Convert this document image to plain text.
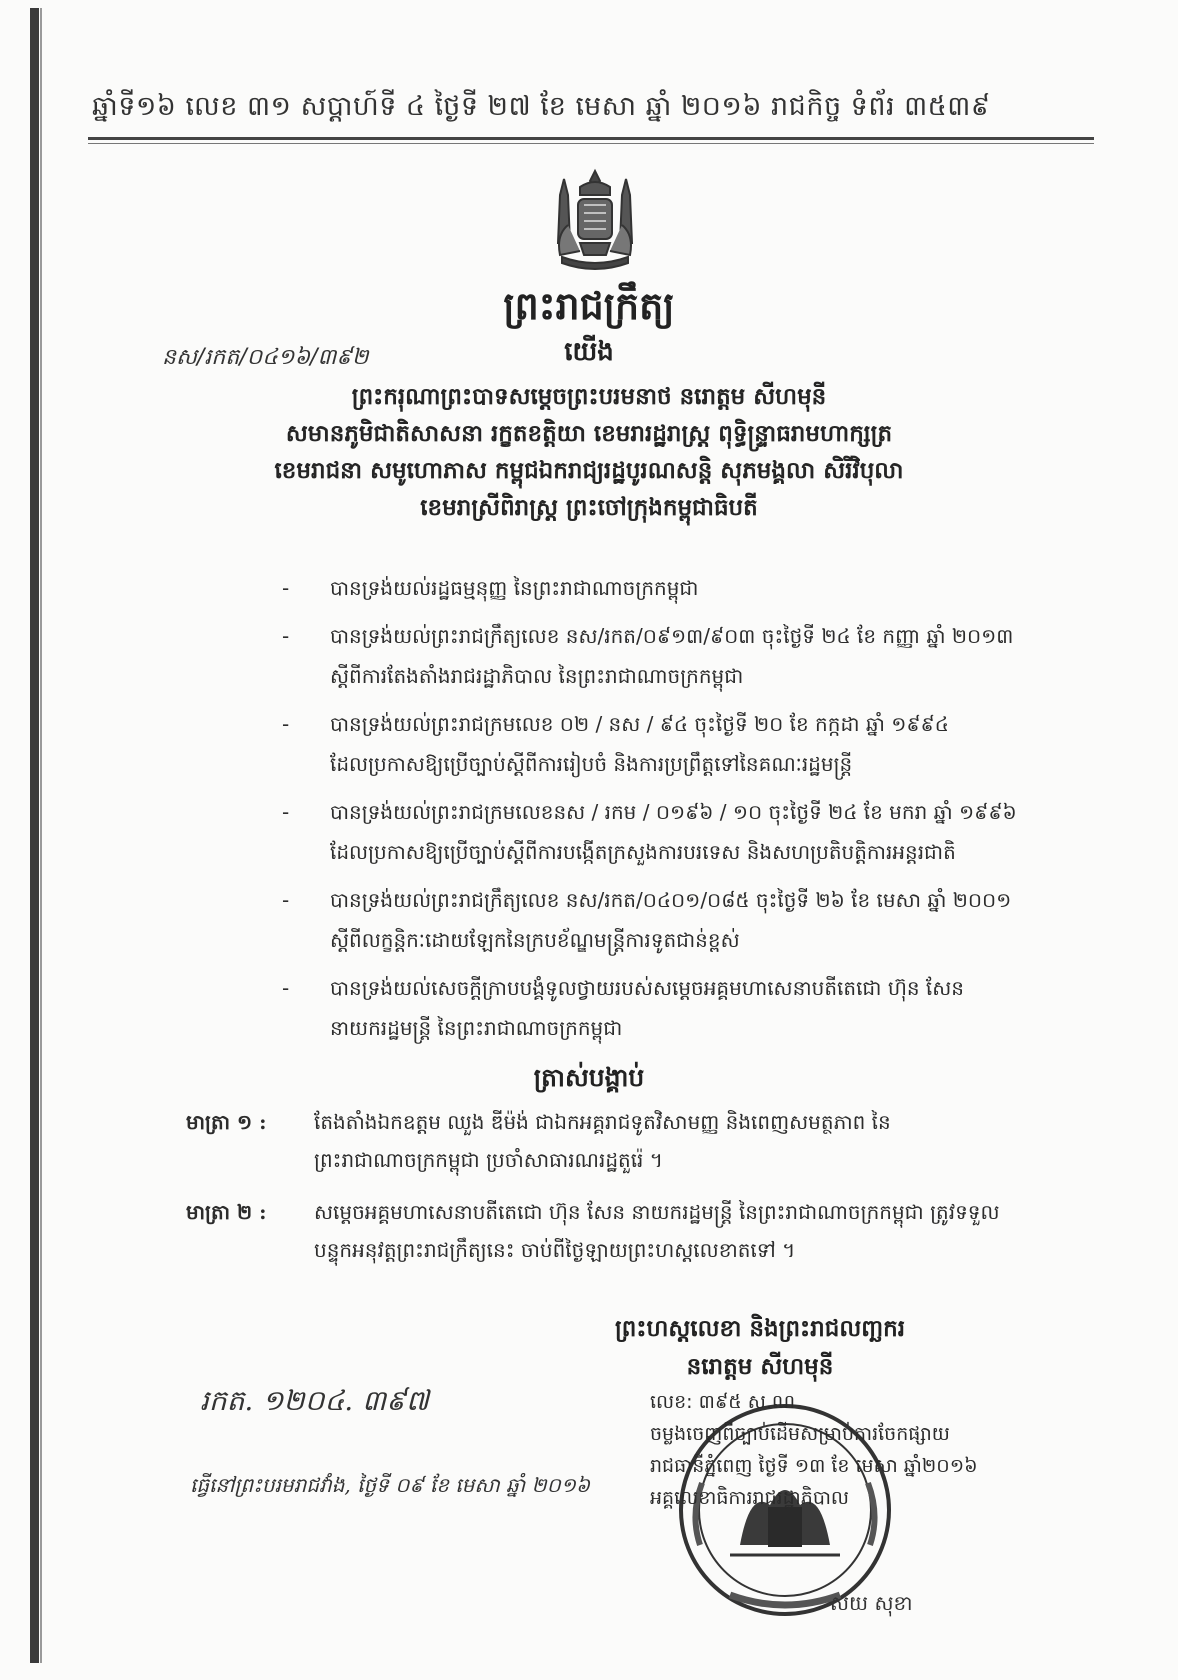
ឆ្នាំទី១៦ លេខ ៣១ សប្តាហ៍ទី ៤ ថ្ងៃទី ២៧ ខែ មេសា ឆ្នាំ ២០១៦ រាជកិច្ច ទំព័រ ៣៥៣៩
ព្រះរាជក្រឹត្យ
នស/រកត/០៤១៦/៣៩២	យើង
ព្រះករុណាព្រះបាទសម្តេចព្រះបរមនាថ នរោត្តម សីហមុនី
សមានភូមិជាតិសាសនា រក្ខតខត្តិយា ខេមរារដ្ឋរាស្ត្រ ពុទ្ធិន្ទ្រាធរាមហាក្សត្រ
ខេមរាជនា សមូហោភាស កម្ពុជឯករាជ្យរដ្ឋបូរណសន្តិ សុភមង្គលា សិរីវិបុលា
ខេមរាស្រីពិរាស្ត្រ ព្រះចៅក្រុងកម្ពុជាធិបតី
- បានទ្រង់យល់រដ្ឋធម្មនុញ្ញ នៃព្រះរាជាណាចក្រកម្ពុជា
- បានទ្រង់យល់ព្រះរាជក្រឹត្យលេខ នស/រកត/០៩១៣/៩០៣ ចុះថ្ងៃទី ២៤ ខែ កញ្ញា ឆ្នាំ ២០១៣
ស្តីពីការតែងតាំងរាជរដ្ឋាភិបាល នៃព្រះរាជាណាចក្រកម្ពុជា
- បានទ្រង់យល់ព្រះរាជក្រមលេខ ០២ / នស / ៩៤ ចុះថ្ងៃទី ២០ ខែ កក្កដា ឆ្នាំ ១៩៩៤
ដែលប្រកាសឱ្យប្រើច្បាប់ស្តីពីការរៀបចំ និងការប្រព្រឹត្តទៅនៃគណៈរដ្ឋមន្ត្រី
- បានទ្រង់យល់ព្រះរាជក្រមលេខនស / រកម / ០១៩៦ / ១០ ចុះថ្ងៃទី ២៤ ខែ មករា ឆ្នាំ ១៩៩៦
ដែលប្រកាសឱ្យប្រើច្បាប់ស្តីពីការបង្កើតក្រសួងការបរទេស និងសហប្រតិបត្តិការអន្តរជាតិ
- បានទ្រង់យល់ព្រះរាជក្រឹត្យលេខ នស/រកត/០៤០១/០៨៥ ចុះថ្ងៃទី ២៦ ខែ មេសា ឆ្នាំ ២០០១
ស្តីពីលក្ខន្តិកៈដោយឡែកនៃក្របខ័ណ្ឌមន្ត្រីការទូតជាន់ខ្ពស់
- បានទ្រង់យល់សេចក្តីក្រាបបង្គំទូលថ្វាយរបស់សម្តេចអគ្គមហាសេនាបតីតេជោ ហ៊ុន សែន
នាយករដ្ឋមន្ត្រី នៃព្រះរាជាណាចក្រកម្ពុជា
ត្រាស់បង្គាប់
មាត្រា ១ : តែងតាំងឯកឧត្តម ឈួង ឌីម៉ង់ ជាឯកអគ្គរាជទូតវិសាមញ្ញ និងពេញសមត្ថភាព នៃ
ព្រះរាជាណាចក្រកម្ពុជា ប្រចាំសាធារណរដ្ឋតួរ៉េ ។
មាត្រា ២ : សម្តេចអគ្គមហាសេនាបតីតេជោ ហ៊ុន សែន នាយករដ្ឋមន្ត្រី នៃព្រះរាជាណាចក្រកម្ពុជា ត្រូវទទួល
បន្ទុកអនុវត្តព្រះរាជក្រឹត្យនេះ ចាប់ពីថ្ងៃឡាយព្រះហស្តលេខាតទៅ ។
ព្រះហស្តលេខា និងព្រះរាជលញ្ឆករ
នរោត្តម សីហមុនី
រកត. ១២០៤. ៣៩៧
ធ្វើនៅព្រះបរមរាជវាំង, ថ្ងៃទី ០៩ ខែ មេសា ឆ្នាំ ២០១៦
លេខ: ៣៩៥ ស.ណ
ចម្លងចេញពីច្បាប់ដើមសម្រាប់ការចែកផ្សាយ
រាជធានីភ្នំពេញ ថ្ងៃទី ១៣ ខែ មេសា ឆ្នាំ២០១៦
អគ្គលេខាធិការរាជរដ្ឋាភិបាល
សយ សុខា
